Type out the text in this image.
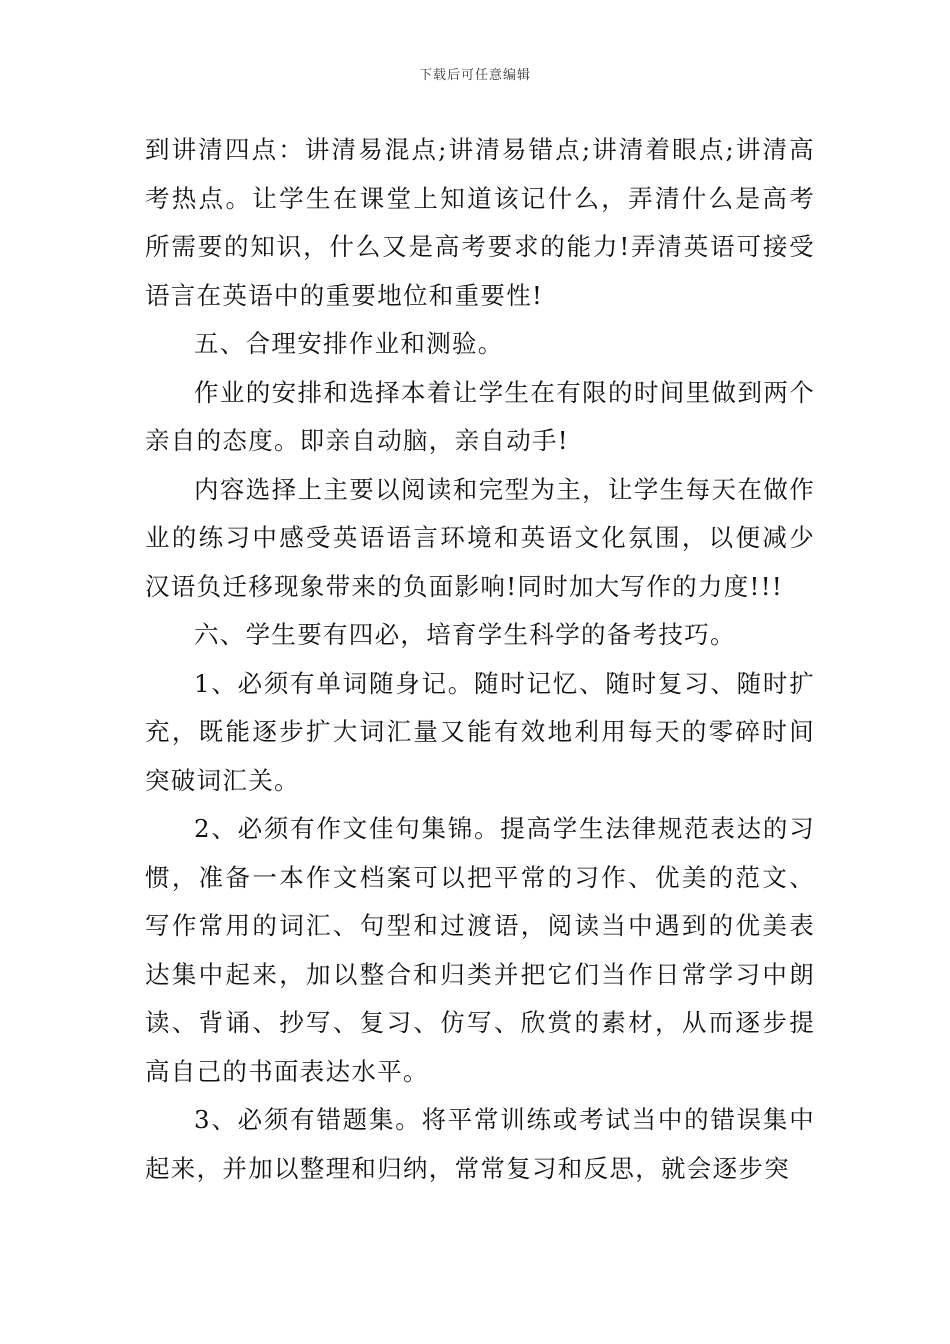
下载后可任意编辑

到讲清四点：讲清易混点;讲清易错点;讲清着眼点;讲清高考热点。让学生在课堂上知道该记什么，弄清什么是高考所需要的知识，什么又是高考要求的能力!弄清英语可接受语言在英语中的重要地位和重要性!

五、合理安排作业和测验。

作业的安排和选择本着让学生在有限的时间里做到两个亲自的态度。即亲自动脑，亲自动手!

内容选择上主要以阅读和完型为主，让学生每天在做作业的练习中感受英语语言环境和英语文化氛围，以便减少汉语负迁移现象带来的负面影响!同时加大写作的力度!!!

六、学生要有四必，培育学生科学的备考技巧。

1、必须有单词随身记。随时记忆、随时复习、随时扩充，既能逐步扩大词汇量又能有效地利用每天的零碎时间突破词汇关。

2、必须有作文佳句集锦。提高学生法律规范表达的习惯，准备一本作文档案可以把平常的习作、优美的范文、写作常用的词汇、句型和过渡语，阅读当中遇到的优美表达集中起来，加以整合和归类并把它们当作日常学习中朗读、背诵、抄写、复习、仿写、欣赏的素材，从而逐步提高自己的书面表达水平。

3、必须有错题集。将平常训练或考试当中的错误集中起来，并加以整理和归纳，常常复习和反思，就会逐步突
